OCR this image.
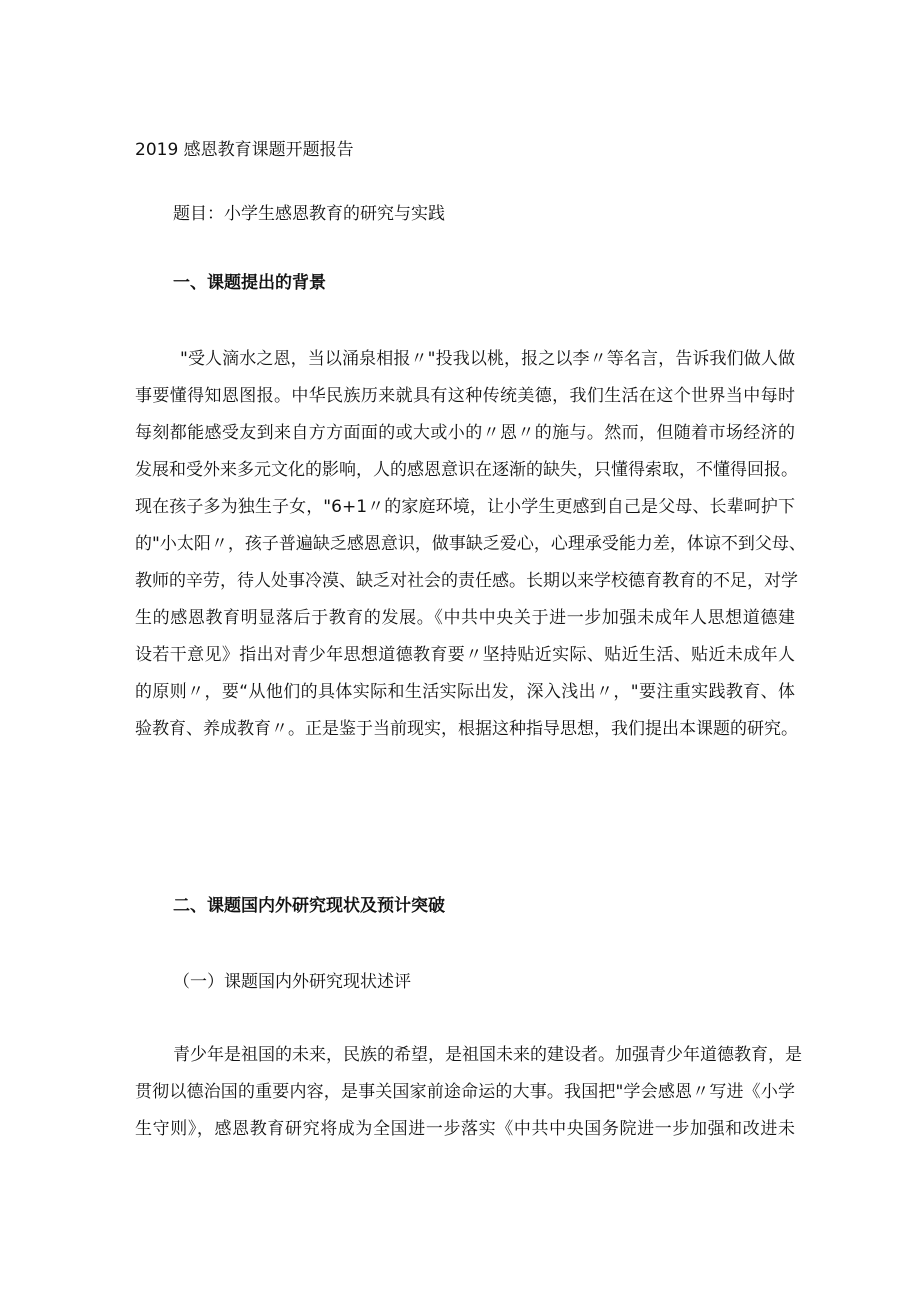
2019 感恩教育课题开题报告
题目：小学生感恩教育的研究与实践
一、课题提出的背景
"受人滴水之恩，当以涌泉相报〃"投我以桃，报之以李〃等名言，告诉我们做人做
事要懂得知恩图报。中华民族历来就具有这种传统美德，我们生活在这个世界当中每时
每刻都能感受友到来自方方面面的或大或小的〃恩〃的施与。然而，但随着市场经济的
发展和受外来多元文化的影响，人的感恩意识在逐渐的缺失，只懂得索取，不懂得回报。
现在孩子多为独生子女，"6+1〃的家庭环境，让小学生更感到自己是父母、长辈呵护下
的"小太阳〃，孩子普遍缺乏感恩意识，做事缺乏爱心，心理承受能力差，体谅不到父母、
教师的辛劳，待人处事冷漠、缺乏对社会的责任感。长期以来学校德育教育的不足，对学
生的感恩教育明显落后于教育的发展。《中共中央关于进一步加强未成年人思想道德建
设若干意见》指出对青少年思想道德教育要〃坚持贴近实际、贴近生活、贴近未成年人
的原则〃，要“从他们的具体实际和生活实际出发，深入浅出〃，"要注重实践教育、体
验教育、养成教育〃。正是鉴于当前现实，根据这种指导思想，我们提出本课题的研究。
二、课题国内外研究现状及预计突破
（一）课题国内外研究现状述评
青少年是祖国的未来，民族的希望，是祖国未来的建设者。加强青少年道德教育，是
贯彻以德治国的重要内容，是事关国家前途命运的大事。我国把"学会感恩〃写进《小学
生守则》，感恩教育研究将成为全国进一步落实《中共中央国务院进一步加强和改进未
